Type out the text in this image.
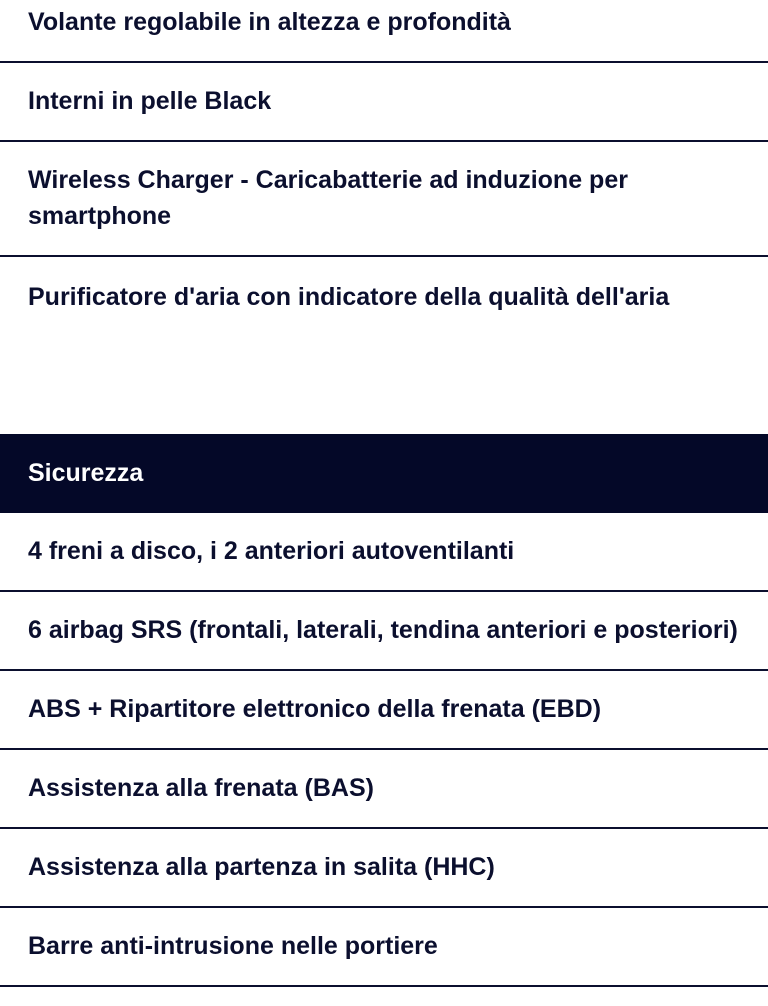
Volante regolabile in altezza e profondità
Interni in pelle Black
Wireless Charger - Caricabatterie ad induzione per smartphone
Purificatore d'aria con indicatore della qualità dell'aria
Sicurezza
4 freni a disco, i 2 anteriori autoventilanti
6 airbag SRS (frontali, laterali, tendina anteriori e posteriori)
ABS + Ripartitore elettronico della frenata (EBD)
Assistenza alla frenata (BAS)
Assistenza alla partenza in salita (HHC)
Barre anti-intrusione nelle portiere
